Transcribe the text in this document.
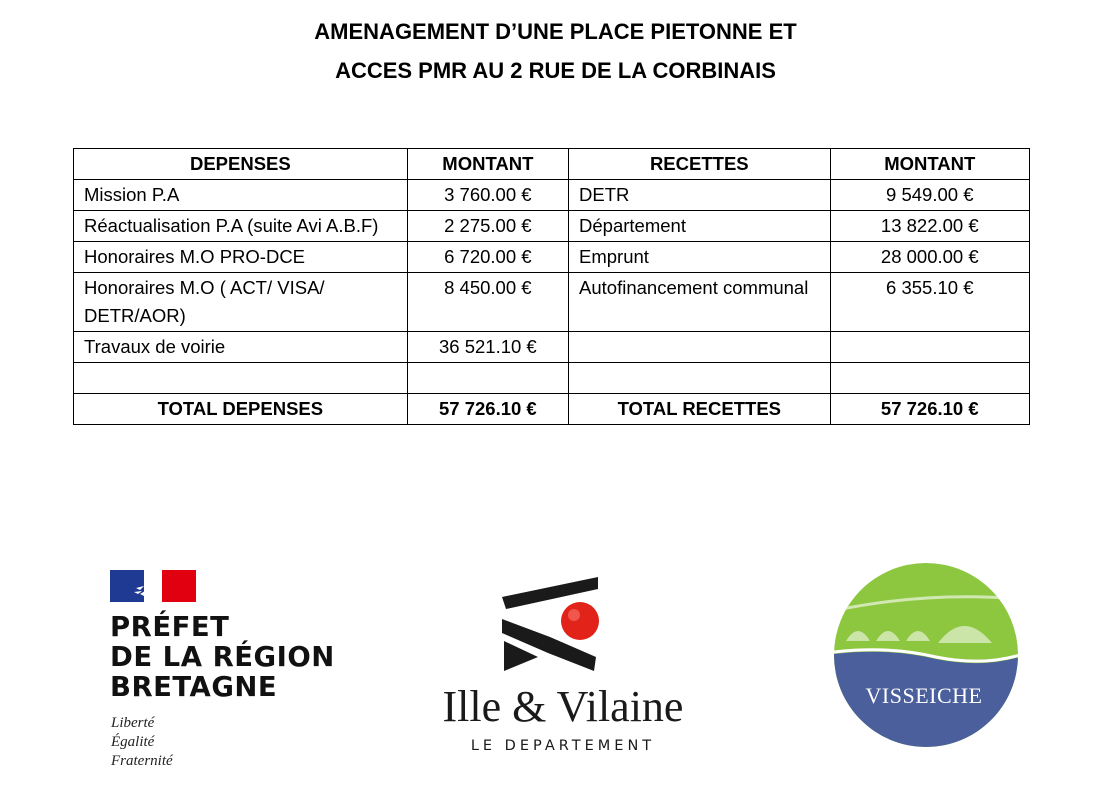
AMENAGEMENT D’UNE PLACE PIETONNE ET
ACCES PMR AU 2 RUE DE LA CORBINAIS
DEPENSES	MONTANT	RECETTES	MONTANT
Mission P.A	3 760.00 €	DETR	9 549.00 €
Réactualisation P.A (suite Avi A.B.F)	2 275.00 €	Département	13 822.00 €
Honoraires M.O PRO-DCE	6 720.00 €	Emprunt	28 000.00 €
Honoraires M.O ( ACT/ VISA/ DETR/AOR)	8 450.00 €	Autofinancement communal	6 355.10 €
Travaux de voirie	36 521.10 €		

TOTAL DEPENSES	57 726.10 €	TOTAL RECETTES	57 726.10 €
PRÉFET
DE LA RÉGION
BRETAGNE
Liberté
Égalité
Fraternité
Ille & Vilaine
LE DEPARTEMENT
VISSEICHE
